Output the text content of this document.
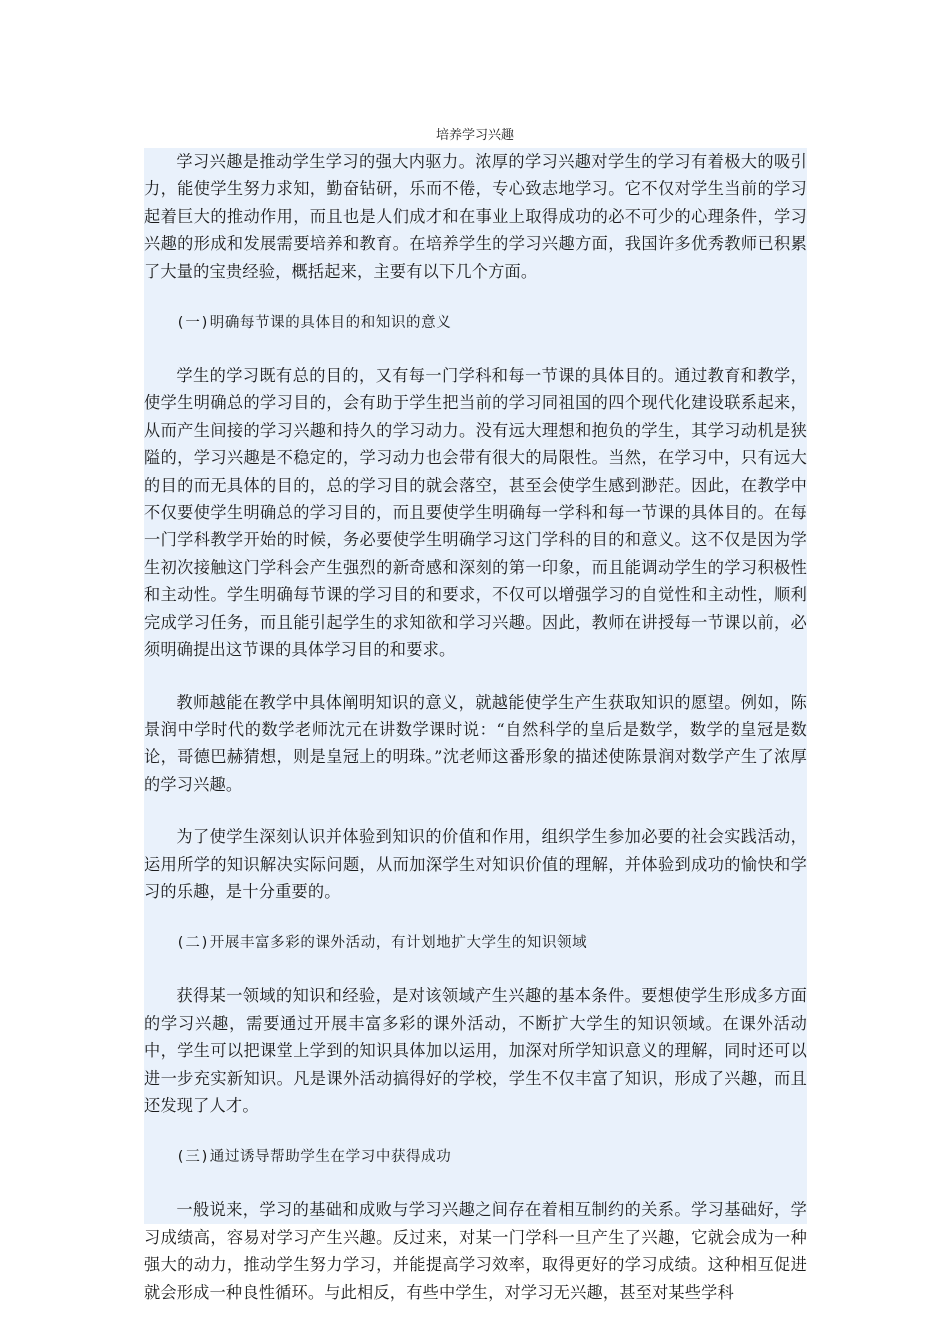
培养学习兴趣

学习兴趣是推动学生学习的强大内驱力。浓厚的学习兴趣对学生的学习有着极大的吸引力，能使学生努力求知，勤奋钻研，乐而不倦，专心致志地学习。它不仅对学生当前的学习起着巨大的推动作用，而且也是人们成才和在事业上取得成功的必不可少的心理条件，学习兴趣的形成和发展需要培养和教育。在培养学生的学习兴趣方面，我国许多优秀教师已积累了大量的宝贵经验，概括起来，主要有以下几个方面。

(一)明确每节课的具体目的和知识的意义

学生的学习既有总的目的，又有每一门学科和每一节课的具体目的。通过教育和教学，使学生明确总的学习目的，会有助于学生把当前的学习同祖国的四个现代化建设联系起来，从而产生间接的学习兴趣和持久的学习动力。没有远大理想和抱负的学生，其学习动机是狭隘的，学习兴趣是不稳定的，学习动力也会带有很大的局限性。当然，在学习中，只有远大的目的而无具体的目的，总的学习目的就会落空，甚至会使学生感到渺茫。因此，在教学中不仅要使学生明确总的学习目的，而且要使学生明确每一学科和每一节课的具体目的。在每一门学科教学开始的时候，务必要使学生明确学习这门学科的目的和意义。这不仅是因为学生初次接触这门学科会产生强烈的新奇感和深刻的第一印象，而且能调动学生的学习积极性和主动性。学生明确每节课的学习目的和要求，不仅可以增强学习的自觉性和主动性，顺利完成学习任务，而且能引起学生的求知欲和学习兴趣。因此，教师在讲授每一节课以前，必须明确提出这节课的具体学习目的和要求。

教师越能在教学中具体阐明知识的意义，就越能使学生产生获取知识的愿望。例如，陈景润中学时代的数学老师沈元在讲数学课时说：“自然科学的皇后是数学，数学的皇冠是数论，哥德巴赫猜想，则是皇冠上的明珠。”沈老师这番形象的描述使陈景润对数学产生了浓厚的学习兴趣。

为了使学生深刻认识并体验到知识的价值和作用，组织学生参加必要的社会实践活动，运用所学的知识解决实际问题，从而加深学生对知识价值的理解，并体验到成功的愉快和学习的乐趣，是十分重要的。

(二)开展丰富多彩的课外活动，有计划地扩大学生的知识领域

获得某一领域的知识和经验，是对该领域产生兴趣的基本条件。要想使学生形成多方面的学习兴趣，需要通过开展丰富多彩的课外活动，不断扩大学生的知识领域。在课外活动中，学生可以把课堂上学到的知识具体加以运用，加深对所学知识意义的理解，同时还可以进一步充实新知识。凡是课外活动搞得好的学校，学生不仅丰富了知识，形成了兴趣，而且还发现了人才。

(三)通过诱导帮助学生在学习中获得成功

一般说来，学习的基础和成败与学习兴趣之间存在着相互制约的关系。学习基础好，学习成绩高，容易对学习产生兴趣。反过来，对某一门学科一旦产生了兴趣，它就会成为一种强大的动力，推动学生努力学习，并能提高学习效率，取得更好的学习成绩。这种相互促进就会形成一种良性循环。与此相反，有些中学生，对学习无兴趣，甚至对某些学科
